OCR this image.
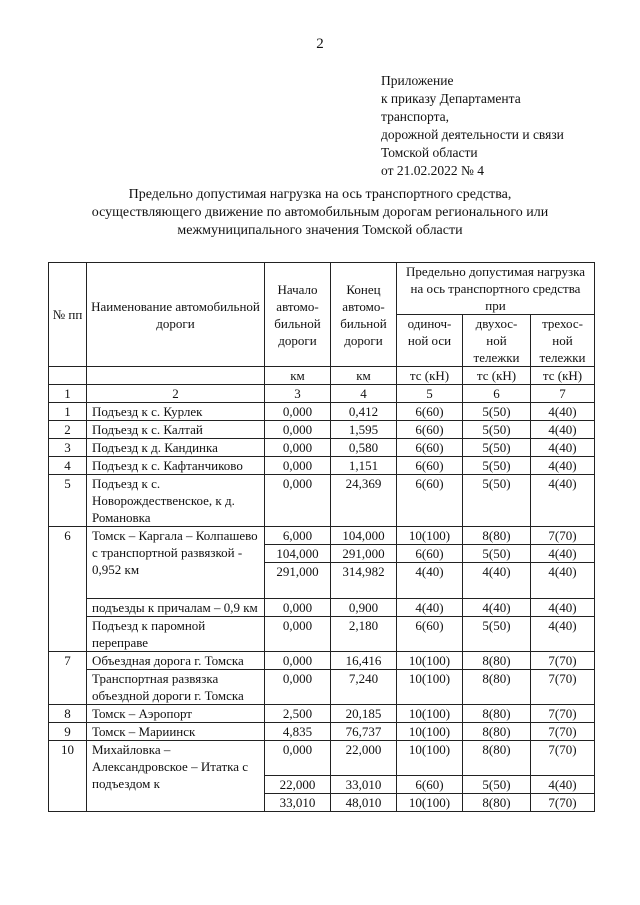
2
Приложение
к приказу Департамента
транспорта,
дорожной деятельности и связи
Томской области
от 21.02.2022 № 4
Предельно допустимая нагрузка на ось транспортного средства,
осуществляющего движение по автомобильным дорогам регионального или
межмуниципального значения Томской области
№ пп	Наименование автомобильной дороги	Начало автомо-бильной дороги	Конец автомо-бильной дороги	Предельно допустимая нагрузка на ось транспортного средства при		
				одиноч-ной оси	двухос-ной тележки	трехос-ной тележки
		км	км	тс (кН)	тс (кН)	тс (кН)
1	2	3	4	5	6	7
1	Подъезд к с. Курлек	0,000	0,412	6(60)	5(50)	4(40)
2	Подъезд к с. Калтай	0,000	1,595	6(60)	5(50)	4(40)
3	Подъезд к д. Кандинка	0,000	0,580	6(60)	5(50)	4(40)
4	Подъезд к с. Кафтанчиково	0,000	1,151	6(60)	5(50)	4(40)
5	Подъезд к с. Новорождественское, к д. Романовка	0,000	24,369	6(60)	5(50)	4(40)
6	Томск – Каргала – Колпашево с транспортной развязкой - 0,952 км	6,000	104,000	10(100)	8(80)	7(70)
		104,000	291,000	6(60)	5(50)	4(40)
		291,000	314,982	4(40)	4(40)	4(40)
	подъезды к причалам – 0,9 км	0,000	0,900	4(40)	4(40)	4(40)
	Подъезд к паромной переправе	0,000	2,180	6(60)	5(50)	4(40)
7	Объездная дорога г. Томска	0,000	16,416	10(100)	8(80)	7(70)
	Транспортная развязка объездной дороги г. Томска	0,000	7,240	10(100)	8(80)	7(70)
8	Томск – Аэропорт	2,500	20,185	10(100)	8(80)	7(70)
9	Томск – Мариинск	4,835	76,737	10(100)	8(80)	7(70)
10	Михайловка – Александровское – Итатка с подъездом к	0,000	22,000	10(100)	8(80)	7(70)
		22,000	33,010	6(60)	5(50)	4(40)
		33,010	48,010	10(100)	8(80)	7(70)
